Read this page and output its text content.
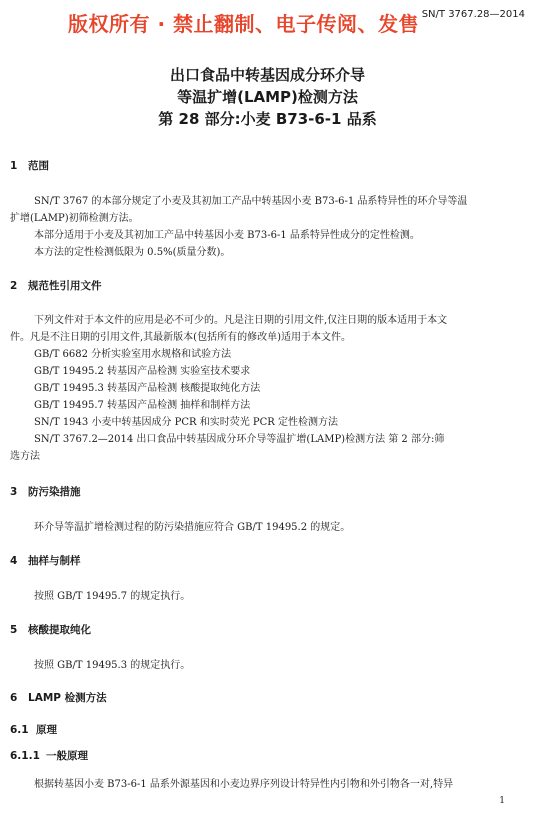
版权所有 · 禁止翻制、电子传阅、发售 SN/T 3767.28—2014
出口食品中转基因成分环介导
等温扩增(LAMP)检测方法
第 28 部分:小麦 B73-6-1 品系
1 范围
SN/T 3767 的本部分规定了小麦及其初加工产品中转基因小麦 B73-6-1 品系特异性的环介导等温
扩增(LAMP)初筛检测方法。
本部分适用于小麦及其初加工产品中转基因小麦 B73-6-1 品系特异性成分的定性检测。
本方法的定性检测低限为 0.5%(质量分数)。
2 规范性引用文件
下列文件对于本文件的应用是必不可少的。凡是注日期的引用文件,仅注日期的版本适用于本文
件。凡是不注日期的引用文件,其最新版本(包括所有的修改单)适用于本文件。
GB/T 6682 分析实验室用水规格和试验方法
GB/T 19495.2 转基因产品检测 实验室技术要求
GB/T 19495.3 转基因产品检测 核酸提取纯化方法
GB/T 19495.7 转基因产品检测 抽样和制样方法
SN/T 1943 小麦中转基因成分 PCR 和实时荧光 PCR 定性检测方法
SN/T 3767.2—2014 出口食品中转基因成分环介导等温扩增(LAMP)检测方法 第 2 部分:筛
选方法
3 防污染措施
环介导等温扩增检测过程的防污染措施应符合 GB/T 19495.2 的规定。
4 抽样与制样
按照 GB/T 19495.7 的规定执行。
5 核酸提取纯化
按照 GB/T 19495.3 的规定执行。
6 LAMP 检测方法
6.1 原理
6.1.1 一般原理
根据转基因小麦 B73-6-1 品系外源基因和小麦边界序列设计特异性内引物和外引物各一对,特异
1
